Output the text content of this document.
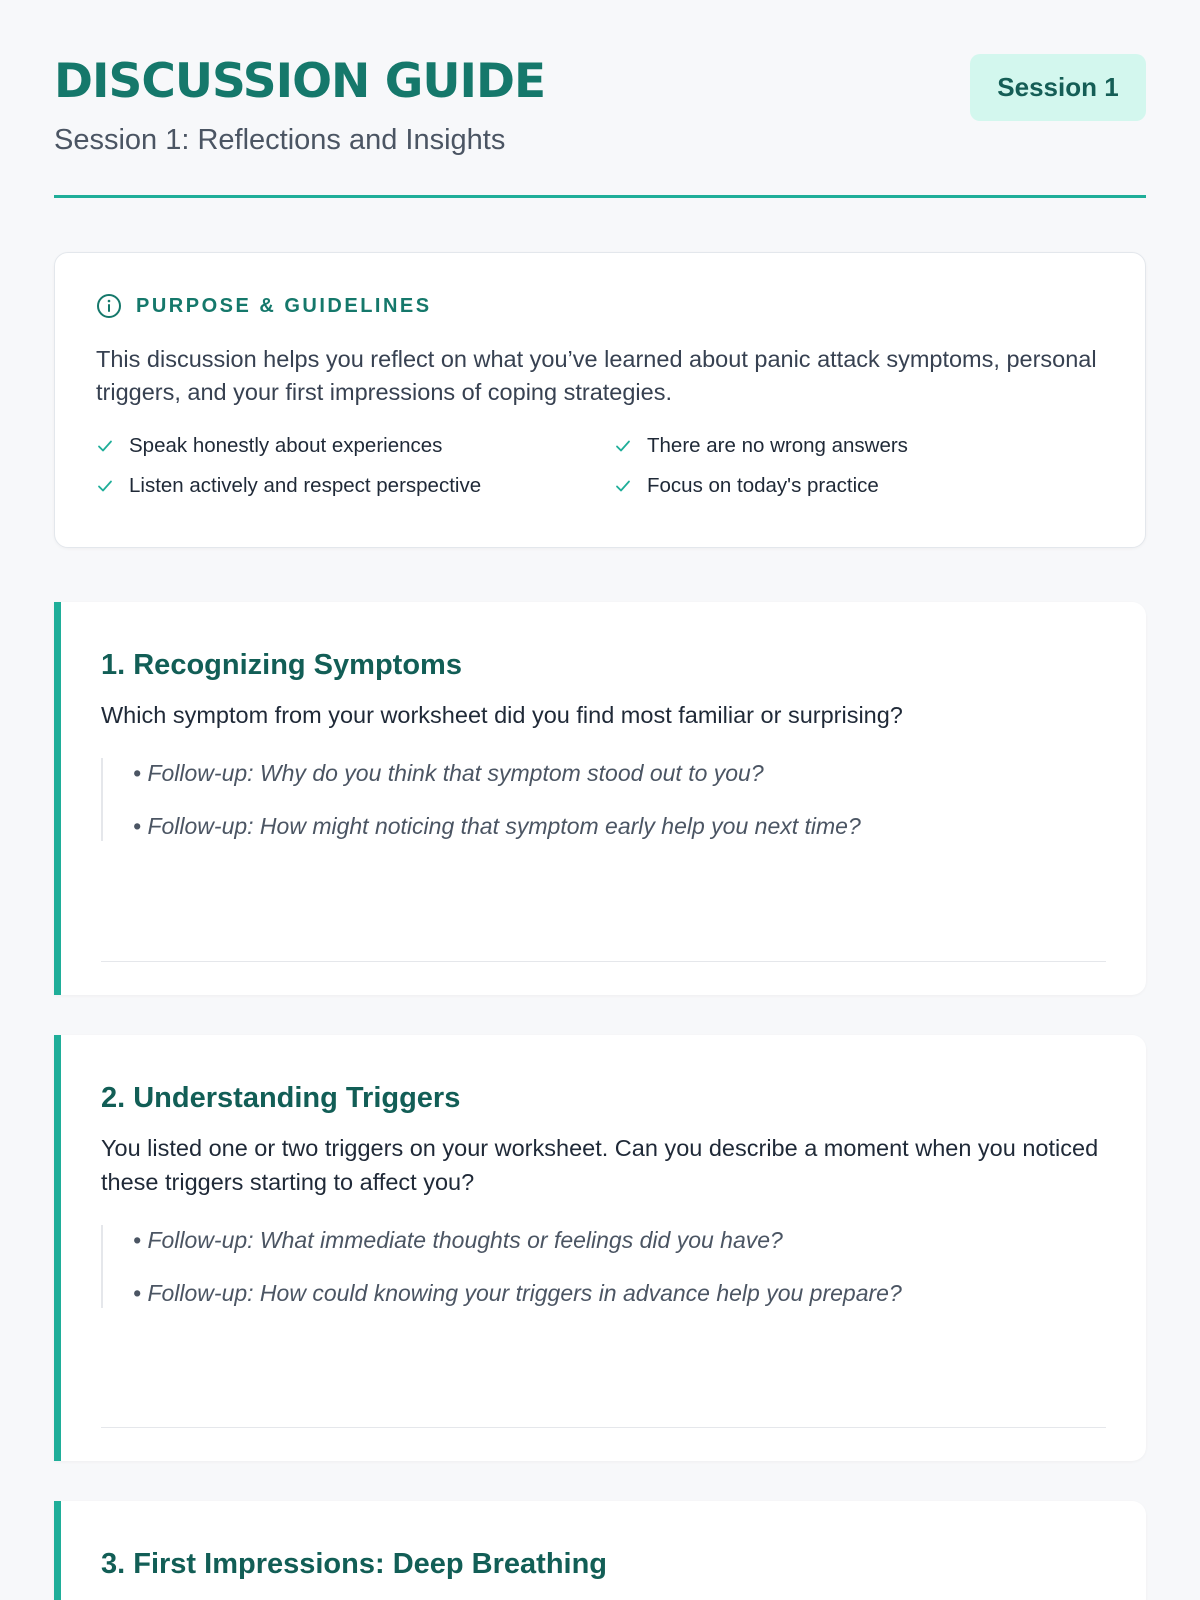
DISCUSSION GUIDE
Session 1: Reflections and Insights
Session 1
PURPOSE & GUIDELINES

This discussion helps you reflect on what you’ve learned about panic attack symptoms, personal triggers, and your first impressions of coping strategies.

Speak honestly about experiences	There are no wrong answers
Listen actively and respect perspective	Focus on today's practice
1. Recognizing Symptoms

Which symptom from your worksheet did you find most familiar or surprising?

• Follow-up: Why do you think that symptom stood out to you?

• Follow-up: How might noticing that symptom early help you next time?

2. Understanding Triggers

You listed one or two triggers on your worksheet. Can you describe a moment when you noticed these triggers starting to affect you?

• Follow-up: What immediate thoughts or feelings did you have?

• Follow-up: How could knowing your triggers in advance help you prepare?

3. First Impressions: Deep Breathing
